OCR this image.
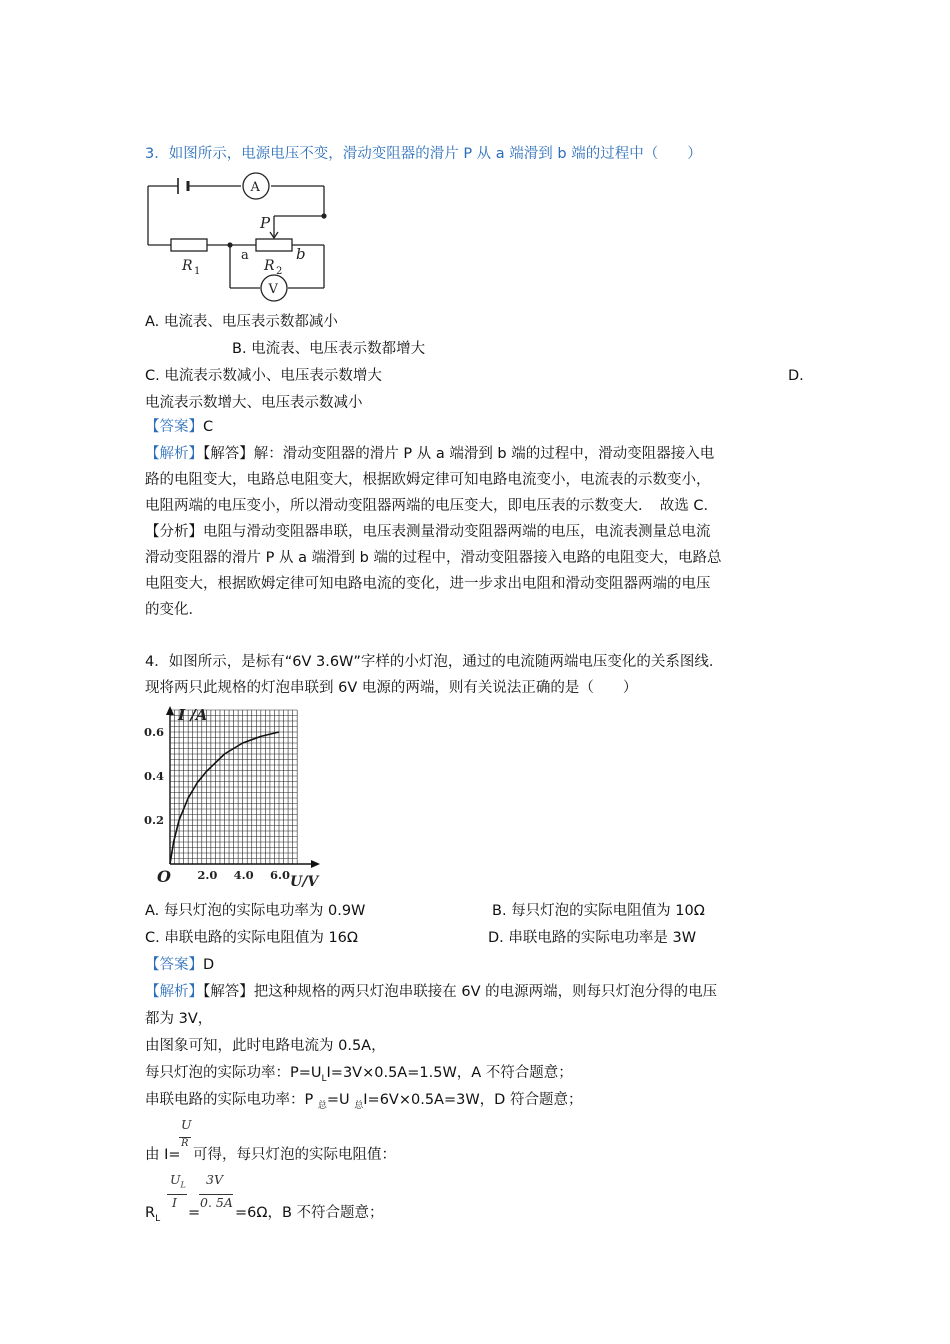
3．如图所示，电源电压不变，滑动变阻器的滑片 P 从 a 端滑到 b 端的过程中（　　）
A
V
P
R 1
a
R 2
b
A. 电流表、电压表示数都减小
B. 电流表、电压表示数都增大
C. 电流表示数减小、电压表示数增大	D.
电流表示数增大、电压表示数减小
【答案】C
【解析】【解答】解：滑动变阻器的滑片 P 从 a 端滑到 b 端的过程中，滑动变阻器接入电
路的电阻变大，电路总电阻变大，根据欧姆定律可知电路电流变小，电流表的示数变小，
电阻两端的电压变小，所以滑动变阻器两端的电压变大，即电压表的示数变大．　故选 C．
【分析】电阻与滑动变阻器串联，电压表测量滑动变阻器两端的电压，电流表测量总电流
滑动变阻器的滑片 P 从 a 端滑到 b 端的过程中，滑动变阻器接入电路的电阻变大，电路总
电阻变大，根据欧姆定律可知电路电流的变化，进一步求出电阻和滑动变阻器两端的电压
的变化．
4．如图所示，是标有“6V 3.6W”字样的小灯泡，通过的电流随两端电压变化的关系图线．
现将两只此规格的灯泡串联到 6V 电源的两端，则有关说法正确的是（　　）
2.0 4.0 6.0
0.2
0.4
0.6
I /A
U/V
O
A. 每只灯泡的实际电功率为 0.9W	B. 每只灯泡的实际电阻值为 10Ω
C. 串联电路的实际电阻值为 16Ω	D. 串联电路的实际电功率是 3W
【答案】D
【解析】【解答】把这种规格的两只灯泡串联接在 6V 的电源两端，则每只灯泡分得的电压
都为 3V，
由图象可知，此时电路电流为 0.5A，
每只灯泡的实际功率：$P=U_LI=3V\times 0.5A=1.5W$，A 不符合题意；
串联电路的实际电功率：P $_总$=U $_总$I=6V×0.5A=3W，D 符合题意；
U
R
由 I= 可得，每只灯泡的实际电阻值：
$U_L$
I
3V
0. 5A
$R_L = =6\Omega$，B 不符合题意；
